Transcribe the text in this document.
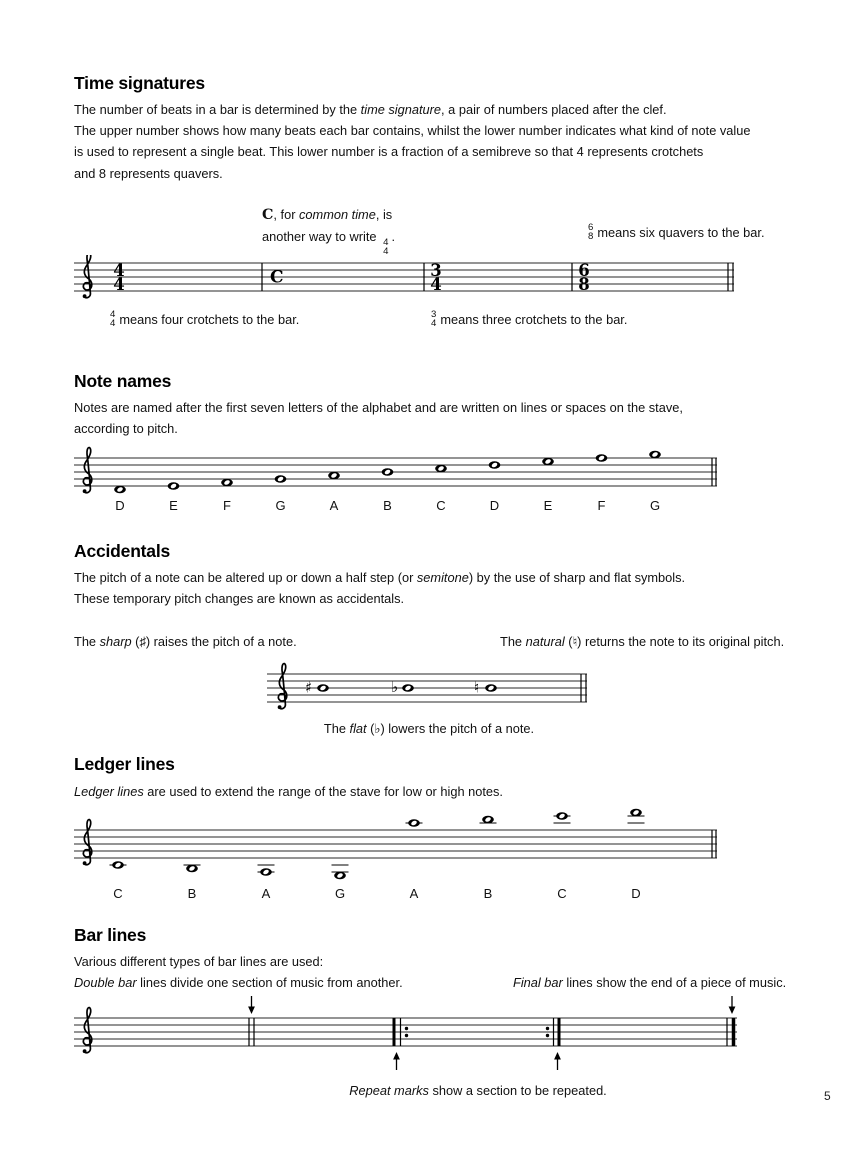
Time signatures
The number of beats in a bar is determined by the time signature, a pair of numbers placed after the clef.
The upper number shows how many beats each bar contains, whilst the lower number indicates what kind of note value
is used to represent a single beat. This lower number is a fraction of a semibreve so that 4 represents crotchets
and 8 represents quavers.
C, for common time, is
another way to write 4
4
.
6
8 means six quavers to the bar.
4
4	C	3
4
6
8
4
4 means four crotchets to the bar.	3
4 means three crotchets to the bar.
Note names
Notes are named after the first seven letters of the alphabet and are written on lines or spaces on the stave,
according to pitch.
D	E	F	G	A	B	C	D	E	F	G
Accidentals
The pitch of a note can be altered up or down a half step (or semitone) by the use of sharp and flat symbols.
These temporary pitch changes are known as accidentals.
The sharp (♯) raises the pitch of a note.	The natural (♮) returns the note to its original pitch.
♯	♭	♮
The flat (♭) lowers the pitch of a note.
Ledger lines
Ledger lines are used to extend the range of the stave for low or high notes.
C	B	A	G	A	B	C	D
Bar lines
Various different types of bar lines are used:
Double bar lines divide one section of music from another.	Final bar lines show the end of a piece of music.
Repeat marks show a section to be repeated.	5
